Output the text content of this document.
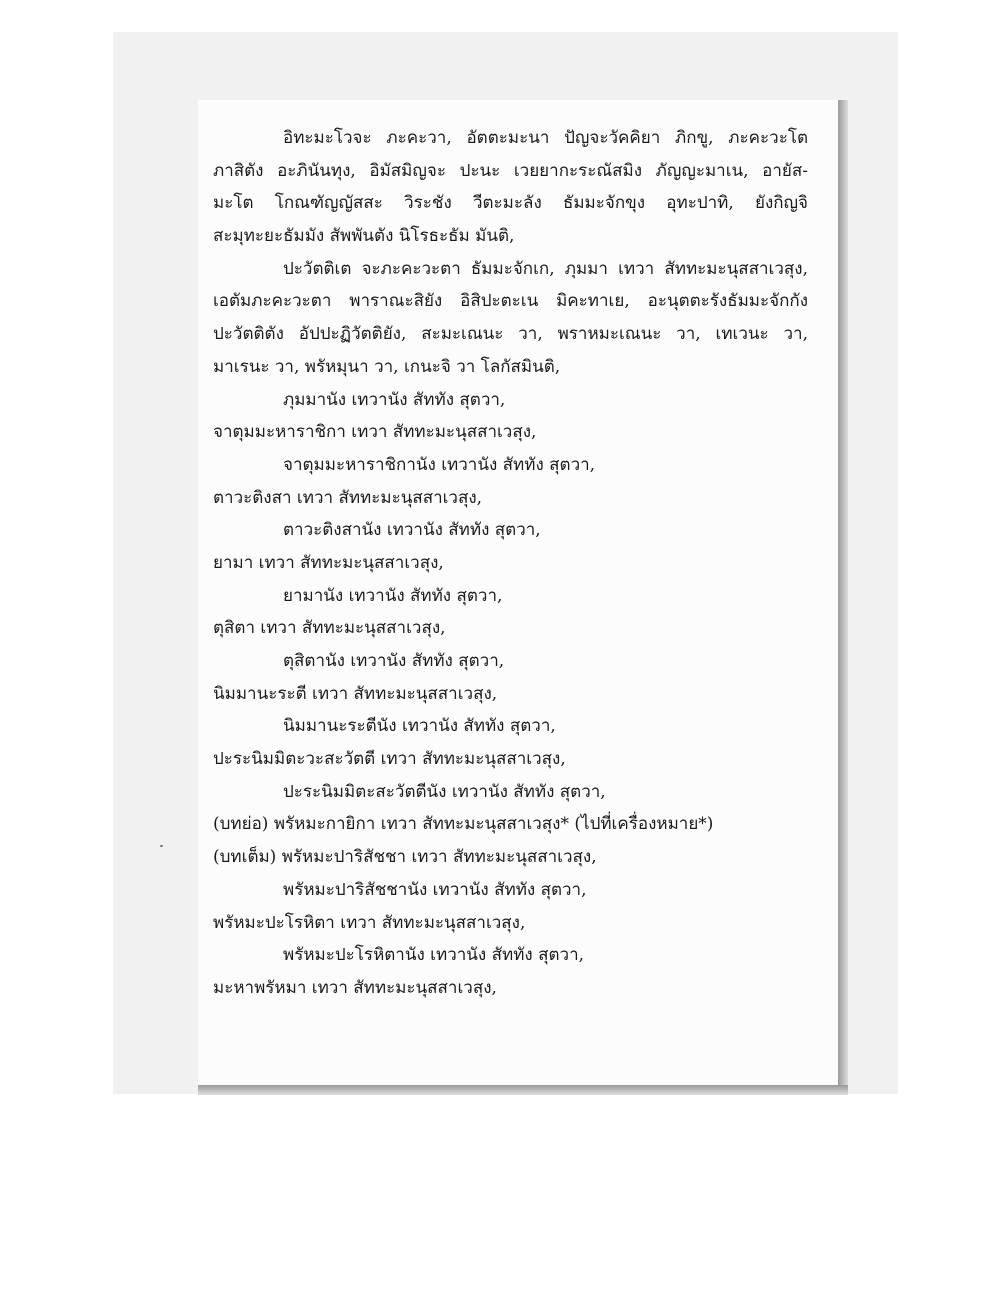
อิทะมะโวจะ ภะคะวา, อัตตะมะนา ปัญจะวัคคิยา ภิกขู, ภะคะวะโต
ภาสิตัง อะภินันทุง, อิมัสมิญจะ ปะนะ เวยยากะระณัสมิง ภัญญะมาเน, อายัส-
มะโต โกณฑัญญัสสะ วิระชัง วีตะมะลัง ธัมมะจักขุง อุทะปาทิ, ยังกิญจิ
สะมุทะยะธัมมัง สัพพันตัง นิโรธะธัม มันติ,
ปะวัตติเต จะภะคะวะตา ธัมมะจักเก, ภุมมา เทวา สัททะมะนุสสาเวสุง,
เอตัมภะคะวะตา พาราณะสิยัง อิสิปะตะเน มิคะทาเย, อะนุตตะรังธัมมะจักกัง
ปะวัตติตัง อัปปะฏิวัตติยัง, สะมะเณนะ วา, พราหมะเณนะ วา, เทเวนะ วา,
มาเรนะ วา, พรัหมุนา วา, เกนะจิ วา โลกัสมินติ,
ภุมมานัง เทวานัง สัททัง สุตวา,
จาตุมมะหาราชิกา เทวา สัททะมะนุสสาเวสุง,
จาตุมมะหาราชิกานัง เทวานัง สัททัง สุตวา,
ตาวะติงสา เทวา สัททะมะนุสสาเวสุง,
ตาวะติงสานัง เทวานัง สัททัง สุตวา,
ยามา เทวา สัททะมะนุสสาเวสุง,
ยามานัง เทวานัง สัททัง สุตวา,
ตุสิตา เทวา สัททะมะนุสสาเวสุง,
ตุสิตานัง เทวานัง สัททัง สุตวา,
นิมมานะระตี เทวา สัททะมะนุสสาเวสุง,
นิมมานะระตีนัง เทวานัง สัททัง สุตวา,
ปะระนิมมิตะวะสะวัตตี เทวา สัททะมะนุสสาเวสุง,
ปะระนิมมิตะสะวัตตีนัง เทวานัง สัททัง สุตวา,
(บทย่อ) พรัหมะกายิกา เทวา สัททะมะนุสสาเวสุง* (ไปที่เครื่องหมาย*)
(บทเต็ม) พรัหมะปาริสัชชา เทวา สัททะมะนุสสาเวสุง,
พรัหมะปาริสัชชานัง เทวานัง สัททัง สุตวา,
พรัหมะปะโรหิตา เทวา สัททะมะนุสสาเวสุง,
พรัหมะปะโรหิตานัง เทวานัง สัททัง สุตวา,
มะหาพรัหมา เทวา สัททะมะนุสสาเวสุง,
